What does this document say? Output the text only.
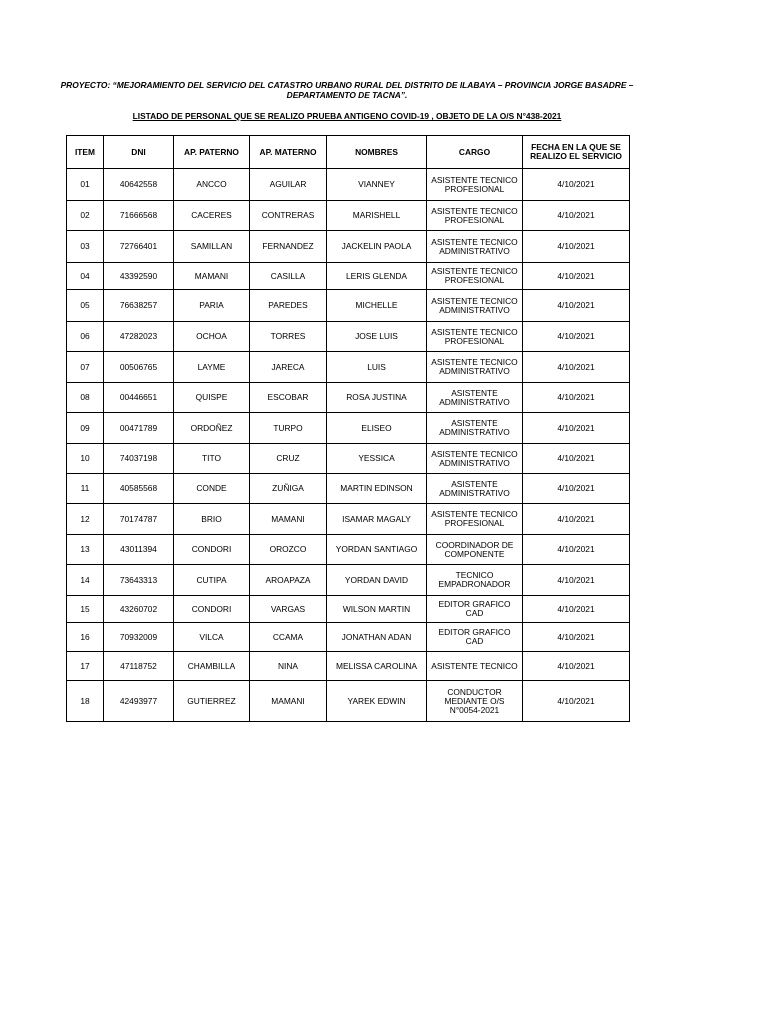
PROYECTO: “MEJORAMIENTO DEL SERVICIO DEL CATASTRO URBANO RURAL DEL DISTRITO DE ILABAYA – PROVINCIA JORGE BASADRE – DEPARTAMENTO DE TACNA”.
LISTADO DE PERSONAL QUE SE REALIZO PRUEBA ANTIGENO COVID-19 , OBJETO DE LA O/S N°438-2021
ITEM	DNI	AP. PATERNO	AP. MATERNO	NOMBRES	CARGO	FECHA EN LA QUE SE REALIZO EL SERVICIO
01	40642558	ANCCO	AGUILAR	VIANNEY	ASISTENTE TECNICO PROFESIONAL	4/10/2021
02	71666568	CACERES	CONTRERAS	MARISHELL	ASISTENTE TECNICO PROFESIONAL	4/10/2021
03	72766401	SAMILLAN	FERNANDEZ	JACKELIN PAOLA	ASISTENTE TECNICO ADMINISTRATIVO	4/10/2021
04	43392590	MAMANI	CASILLA	LERIS GLENDA	ASISTENTE TECNICO PROFESIONAL	4/10/2021
05	76638257	PARIA	PAREDES	MICHELLE	ASISTENTE TECNICO ADMINISTRATIVO	4/10/2021
06	47282023	OCHOA	TORRES	JOSE LUIS	ASISTENTE TECNICO PROFESIONAL	4/10/2021
07	00506765	LAYME	JARECA	LUIS	ASISTENTE TECNICO ADMINISTRATIVO	4/10/2021
08	00446651	QUISPE	ESCOBAR	ROSA JUSTINA	ASISTENTE ADMINISTRATIVO	4/10/2021
09	00471789	ORDOÑEZ	TURPO	ELISEO	ASISTENTE ADMINISTRATIVO	4/10/2021
10	74037198	TITO	CRUZ	YESSICA	ASISTENTE TECNICO ADMINISTRATIVO	4/10/2021
11	40585568	CONDE	ZUÑIGA	MARTIN EDINSON	ASISTENTE ADMINISTRATIVO	4/10/2021
12	70174787	BRIO	MAMANI	ISAMAR MAGALY	ASISTENTE TECNICO PROFESIONAL	4/10/2021
13	43011394	CONDORI	OROZCO	YORDAN SANTIAGO	COORDINADOR DE COMPONENTE	4/10/2021
14	73643313	CUTIPA	AROAPAZA	YORDAN DAVID	TECNICO EMPADRONADOR	4/10/2021
15	43260702	CONDORI	VARGAS	WILSON MARTIN	EDITOR GRAFICO CAD	4/10/2021
16	70932009	VILCA	CCAMA	JONATHAN ADAN	EDITOR GRAFICO CAD	4/10/2021
17	47118752	CHAMBILLA	NINA	MELISSA CAROLINA	ASISTENTE TECNICO	4/10/2021
18	42493977	GUTIERREZ	MAMANI	YAREK EDWIN	CONDUCTOR MEDIANTE O/S N°0054-2021	4/10/2021
